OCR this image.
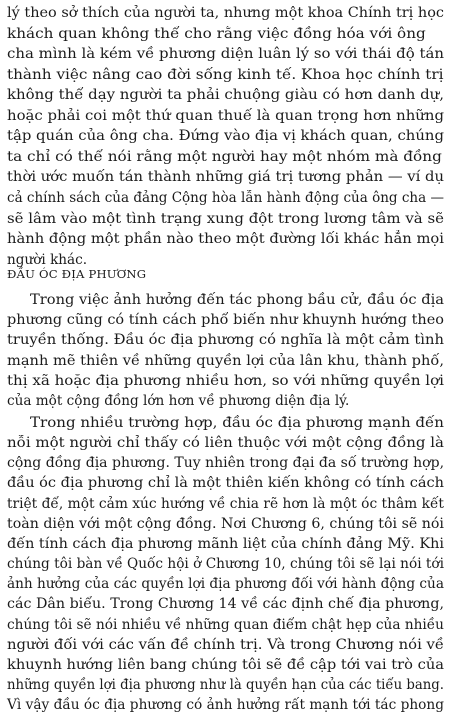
lý theo sở thích của người ta, nhưng một khoa Chính trị học
khách quan không thể cho rằng việc đồng hóa với ông
cha mình là kém về phương diện luân lý so với thái độ tán
thành việc nâng cao đời sống kinh tế. Khoa học chính trị
không thể dạy người ta phải chuộng giàu có hơn danh dự,
hoặc phải coi một thứ quan thuế là quan trọng hơn những
tập quán của ông cha. Đứng vào địa vị khách quan, chúng
ta chỉ có thể nói rằng một người hay một nhóm mà đồng
thời ước muốn tán thành những giá trị tương phản — ví dụ
cả chính sách của đảng Cộng hòa lẫn hành động của ông cha —
sẽ lâm vào một tình trạng xung đột trong lương tâm và sẽ
hành động một phần nào theo một đường lối khác hẳn mọi
người khác.
ĐẦU ÓC ĐỊA PHƯƠNG
Trong việc ảnh hưởng đến tác phong bầu cử, đầu óc địa
phương cũng có tính cách phổ biến như khuynh hướng theo
truyền thống. Đầu óc địa phương có nghĩa là một cảm tình
mạnh mẽ thiên về những quyền lợi của lân khu, thành phố,
thị xã hoặc địa phương nhiều hơn, so với những quyền lợi
của một cộng đồng lớn hơn về phương diện địa lý.
Trong nhiều trường hợp, đầu óc địa phương mạnh đến
nỗi một người chỉ thấy có liên thuộc với một cộng đồng là
cộng đồng địa phương. Tuy nhiên trong đại đa số trường hợp,
đầu óc địa phương chỉ là một thiên kiến không có tính cách
triệt để, một cảm xúc hướng về chia rẽ hơn là một óc thâm kết
toàn diện với một cộng đồng. Nơi Chương 6, chúng tôi sẽ nói
đến tính cách địa phương mãnh liệt của chính đảng Mỹ. Khi
chúng tôi bàn về Quốc hội ở Chương 10, chúng tôi sẽ lại nói tới
ảnh hưởng của các quyền lợi địa phương đối với hành động của
các Dân biểu. Trong Chương 14 về các định chế địa phương,
chúng tôi sẽ nói nhiều về những quan điểm chật hẹp của nhiều
người đối với các vấn đề chính trị. Và trong Chương nói về
khuynh hướng liên bang chúng tôi sẽ đề cập tới vai trò của
những quyền lợi địa phương như là quyền hạn của các tiểu bang.
Vì vậy đầu óc địa phương có ảnh hưởng rất mạnh tới tác phong
